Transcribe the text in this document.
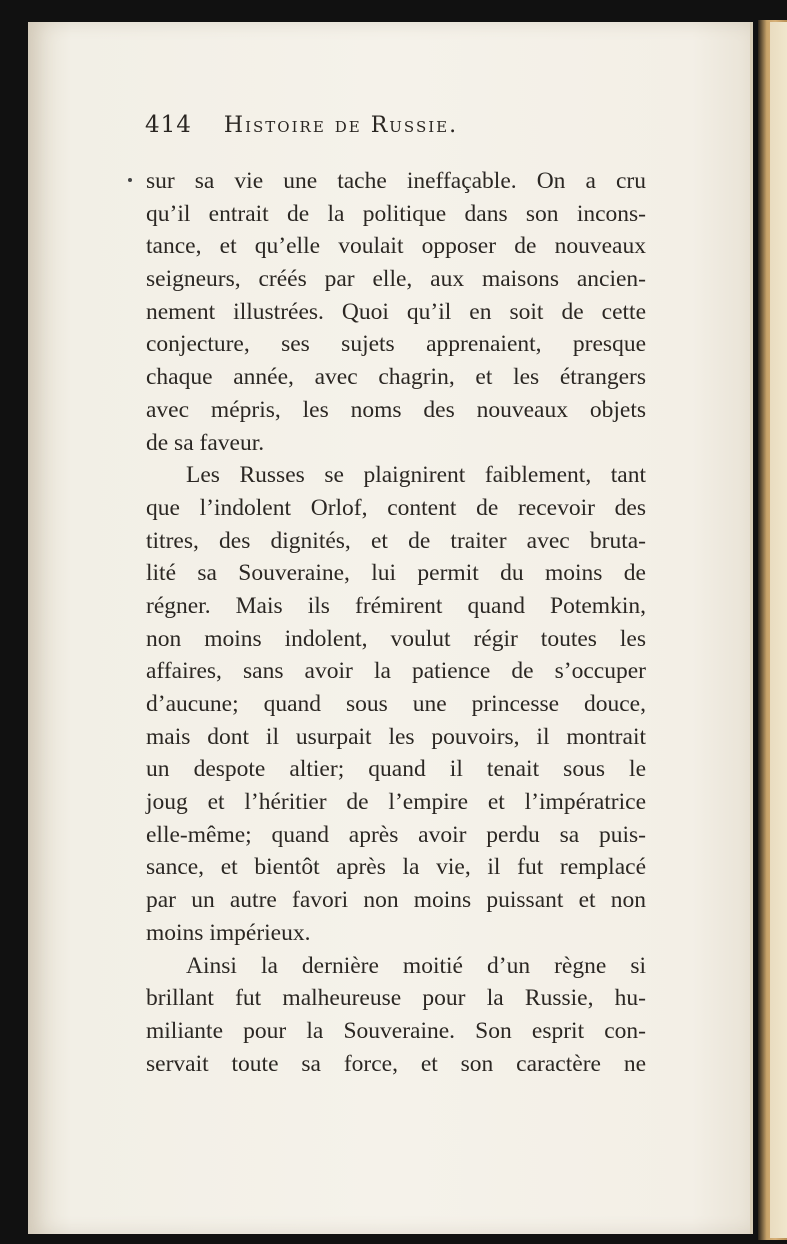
414 Histoire de Russie.
sur sa vie une tache ineffaçable. On a cru
qu’il entrait de la politique dans son incons-
tance, et qu’elle voulait opposer de nouveaux
seigneurs, créés par elle, aux maisons ancien-
nement illustrées. Quoi qu’il en soit de cette
conjecture, ses sujets apprenaient, presque
chaque année, avec chagrin, et les étrangers
avec mépris, les noms des nouveaux objets
de sa faveur.
Les Russes se plaignirent faiblement, tant
que l’indolent Orlof, content de recevoir des
titres, des dignités, et de traiter avec bruta-
lité sa Souveraine, lui permit du moins de
régner. Mais ils frémirent quand Potemkin,
non moins indolent, voulut régir toutes les
affaires, sans avoir la patience de s’occuper
d’aucune; quand sous une princesse douce,
mais dont il usurpait les pouvoirs, il montrait
un despote altier; quand il tenait sous le
joug et l’héritier de l’empire et l’impératrice
elle-même; quand après avoir perdu sa puis-
sance, et bientôt après la vie, il fut remplacé
par un autre favori non moins puissant et non
moins impérieux.
Ainsi la dernière moitié d’un règne si
brillant fut malheureuse pour la Russie, hu-
miliante pour la Souveraine. Son esprit con-
servait toute sa force, et son caractère ne
